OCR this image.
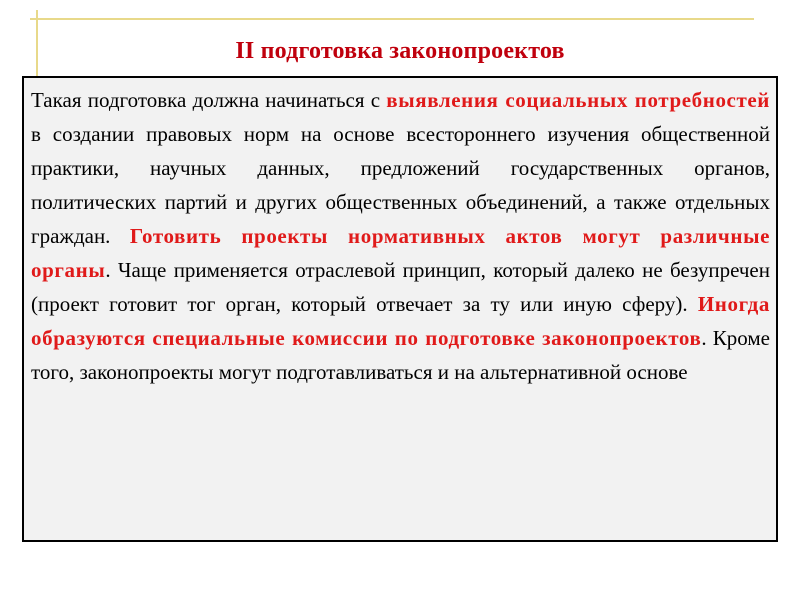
II подготовка законопроектов

Такая подготовка должна начинаться с выявления социальных потребностей в создании правовых норм на основе всестороннего изучения общественной практики, научных данных, предложений государственных органов, политических партий и других общественных объединений, а также отдельных граждан. Готовить проекты нормативных актов могут различные органы. Чаще применяется отраслевой принцип, который далеко не безупречен (проект готовит тог орган, который отвечает за ту или иную сферу). Иногда образуются специальные комиссии по подготовке законопроектов. Кроме того, законопроекты могут подготавливаться и на альтернативной основе
